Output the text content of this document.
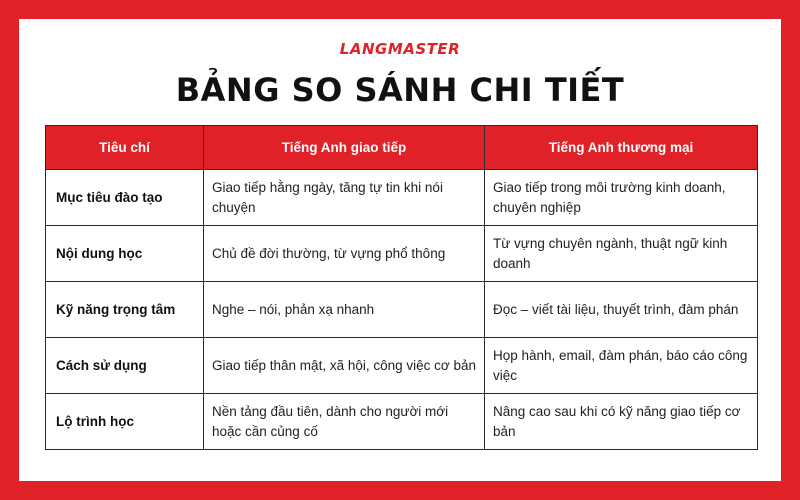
LANGMASTER
BẢNG SO SÁNH CHI TIẾT
Tiêu chí	Tiếng Anh giao tiếp	Tiếng Anh thương mại
Mục tiêu đào tạo	Giao tiếp hằng ngày, tăng tự tin khi nói chuyện	Giao tiếp trong môi trường kinh doanh, chuyên nghiệp
Nội dung học	Chủ đề đời thường, từ vựng phổ thông	Từ vựng chuyên ngành, thuật ngữ kinh doanh
Kỹ năng trọng tâm	Nghe – nói, phản xạ nhanh	Đọc – viết tài liệu, thuyết trình, đàm phán
Cách sử dụng	Giao tiếp thân mật, xã hội, công việc cơ bản	Họp hành, email, đàm phán, báo cáo công việc
Lộ trình học	Nền tảng đầu tiên, dành cho người mới hoặc cần củng cố	Nâng cao sau khi có kỹ năng giao tiếp cơ bản
